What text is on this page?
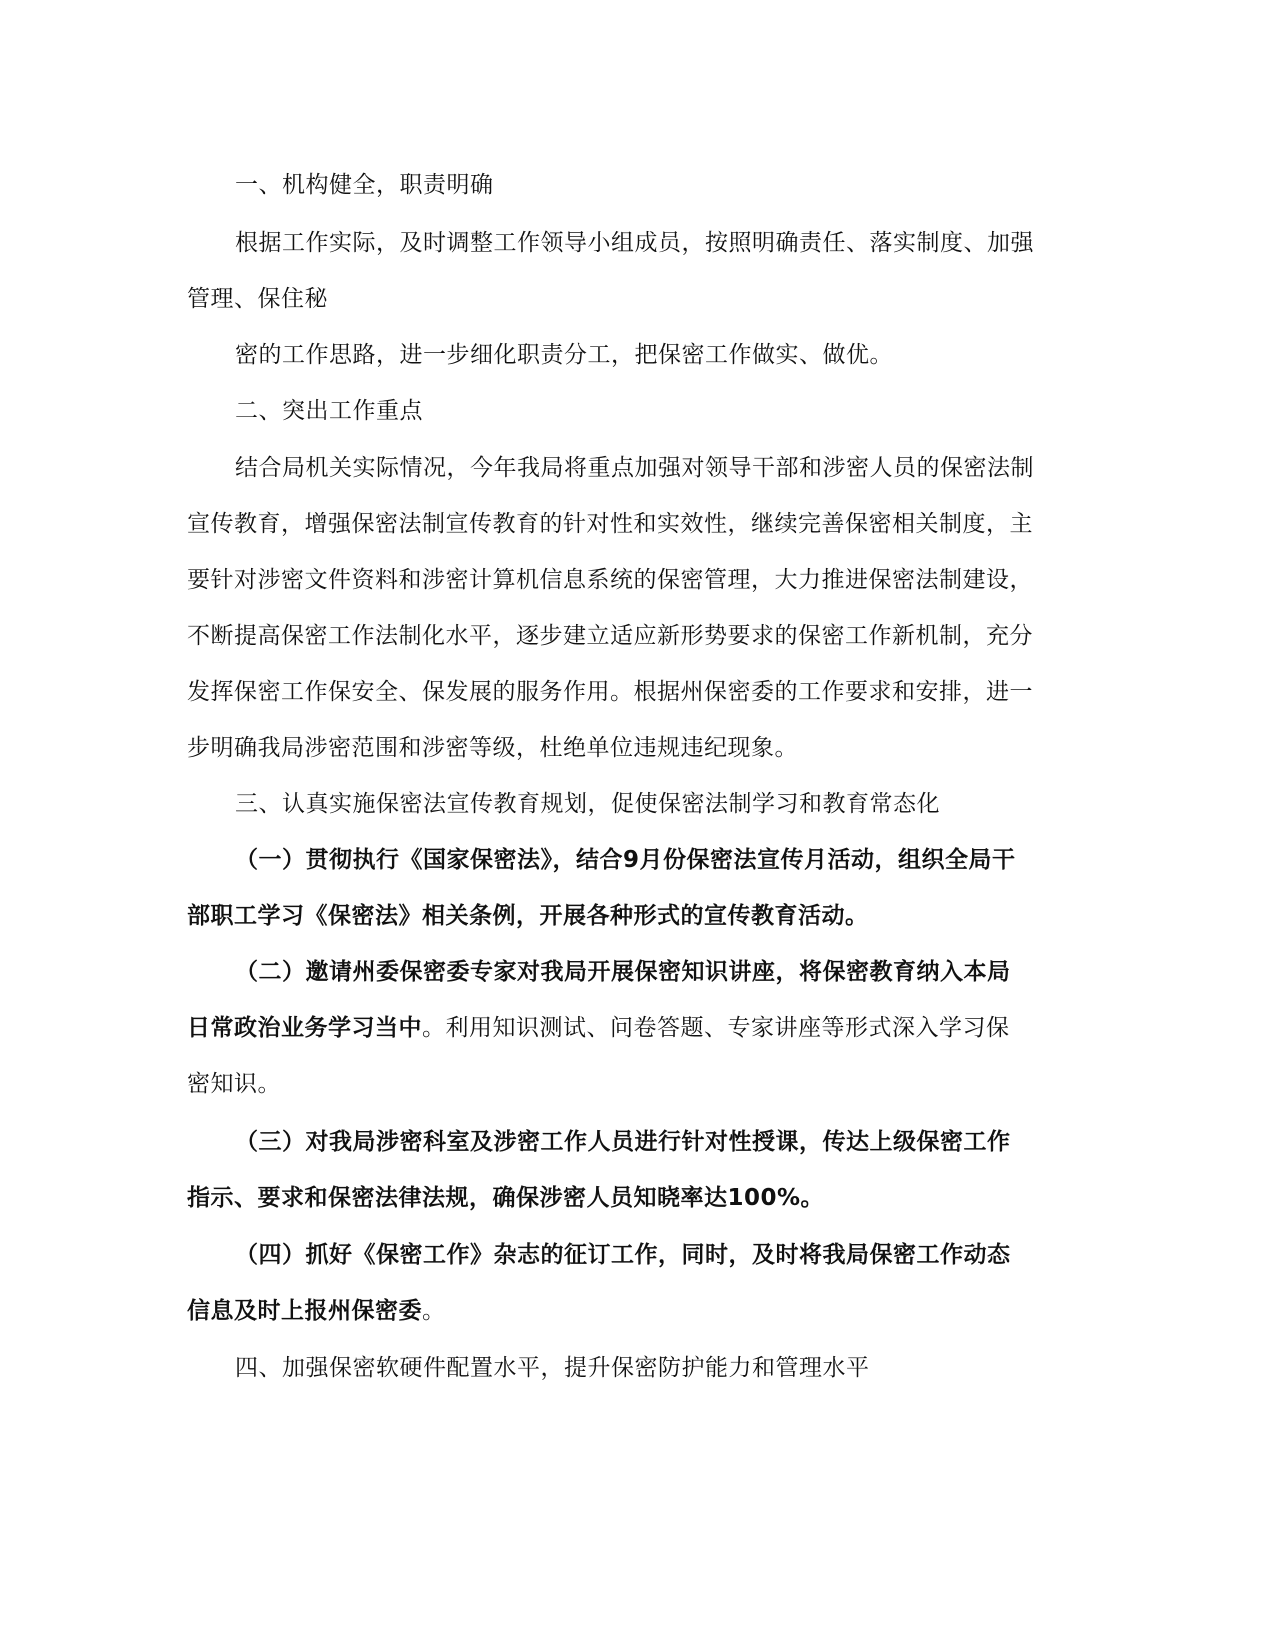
一、机构健全，职责明确
根据工作实际，及时调整工作领导小组成员，按照明确责任、落实制度、加强
管理、保住秘
密的工作思路，进一步细化职责分工，把保密工作做实、做优。
二、突出工作重点
结合局机关实际情况，今年我局将重点加强对领导干部和涉密人员的保密法制
宣传教育，增强保密法制宣传教育的针对性和实效性，继续完善保密相关制度，主
要针对涉密文件资料和涉密计算机信息系统的保密管理，大力推进保密法制建设，
不断提高保密工作法制化水平，逐步建立适应新形势要求的保密工作新机制，充分
发挥保密工作保安全、保发展的服务作用。根据州保密委的工作要求和安排，进一
步明确我局涉密范围和涉密等级，杜绝单位违规违纪现象。
三、认真实施保密法宣传教育规划，促使保密法制学习和教育常态化
（一）贯彻执行《国家保密法》，结合9月份保密法宣传月活动，组织全局干
部职工学习《保密法》相关条例，开展各种形式的宣传教育活动。
（二）邀请州委保密委专家对我局开展保密知识讲座，将保密教育纳入本局
日常政治业务学习当中。利用知识测试、问卷答题、专家讲座等形式深入学习保
密知识。
（三）对我局涉密科室及涉密工作人员进行针对性授课，传达上级保密工作
指示、要求和保密法律法规，确保涉密人员知晓率达100%。
（四）抓好《保密工作》杂志的征订工作，同时，及时将我局保密工作动态
信息及时上报州保密委。
四、加强保密软硬件配置水平，提升保密防护能力和管理水平
